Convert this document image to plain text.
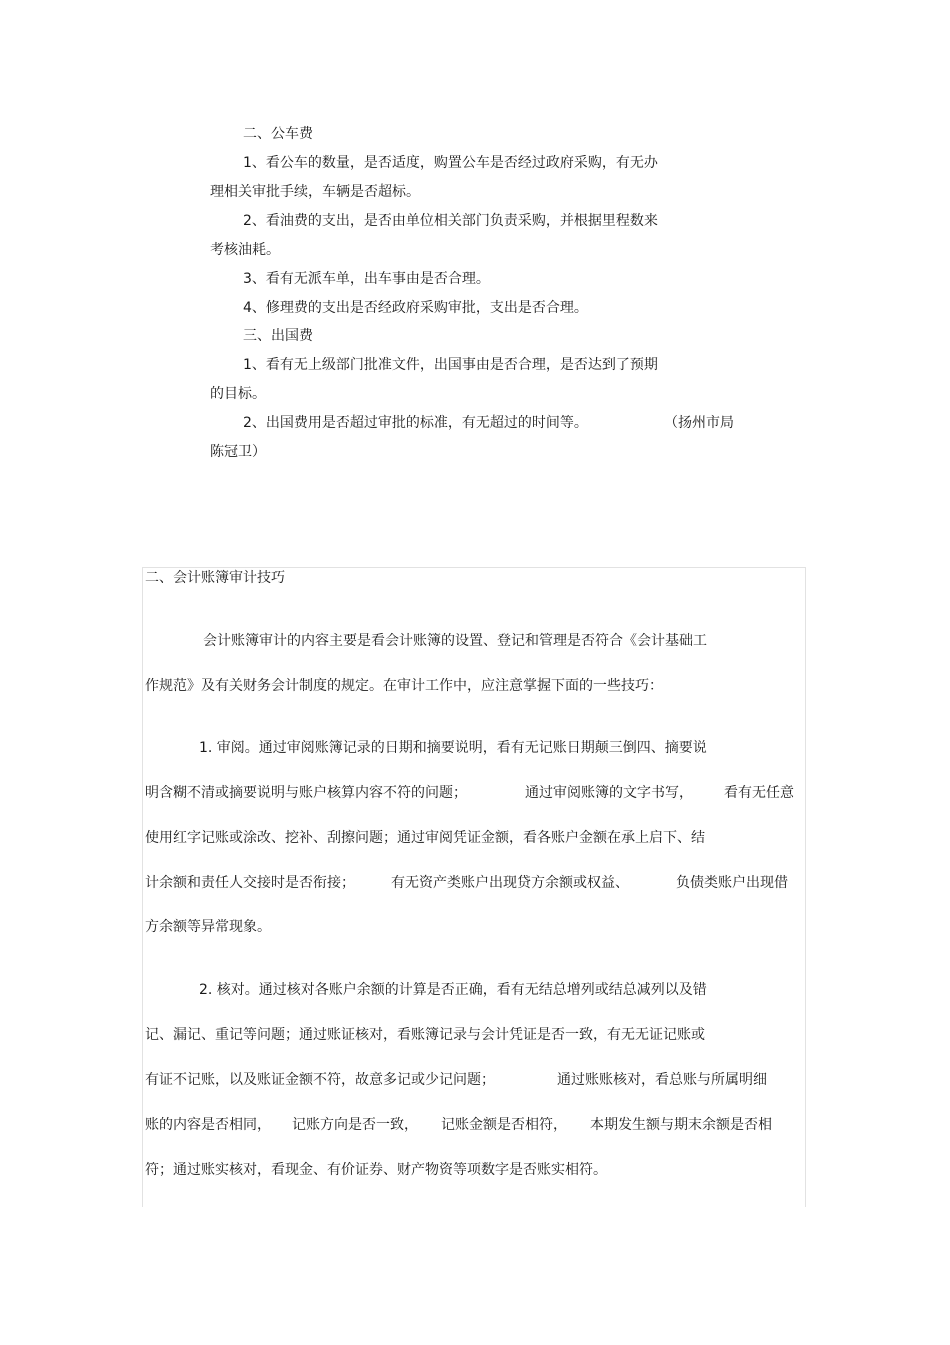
二、公车费
1、看公车的数量，是否适度，购置公车是否经过政府采购，有无办
理相关审批手续，车辆是否超标。
2、看油费的支出，是否由单位相关部门负责采购，并根据里程数来
考核油耗。
3、看有无派车单，出车事由是否合理。
4、修理费的支出是否经政府采购审批，支出是否合理。
三、出国费
1、看有无上级部门批准文件，出国事由是否合理，是否达到了预期
的目标。
2、出国费用是否超过审批的标准，有无超过的时间等。	（扬州市局
陈冠卫）
二、会计账簿审计技巧
会计账簿审计的内容主要是看会计账簿的设置、登记和管理是否符合《会计基础工
作规范》及有关财务会计制度的规定。在审计工作中，应注意掌握下面的一些技巧：
1. 审阅。通过审阅账簿记录的日期和摘要说明，看有无记账日期颠三倒四、摘要说
明含糊不清或摘要说明与账户核算内容不符的问题；	通过审阅账簿的文字书写， 看有无任意
使用红字记账或涂改、挖补、刮擦问题；通过审阅凭证金额，看各账户金额在承上启下、结
计余额和责任人交接时是否衔接；	有无资产类账户出现贷方余额或权益、	负债类账户出现借
方余额等异常现象。
2. 核对。通过核对各账户余额的计算是否正确，看有无结总增列或结总减列以及错
记、漏记、重记等问题；通过账证核对，看账簿记录与会计凭证是否一致，有无无证记账或
有证不记账，以及账证金额不符，故意多记或少记问题；	通过账账核对，看总账与所属明细
账的内容是否相同， 记账方向是否一致， 记账金额是否相符， 本期发生额与期末余额是否相
符；通过账实核对，看现金、有价证券、财产物资等项数字是否账实相符。
